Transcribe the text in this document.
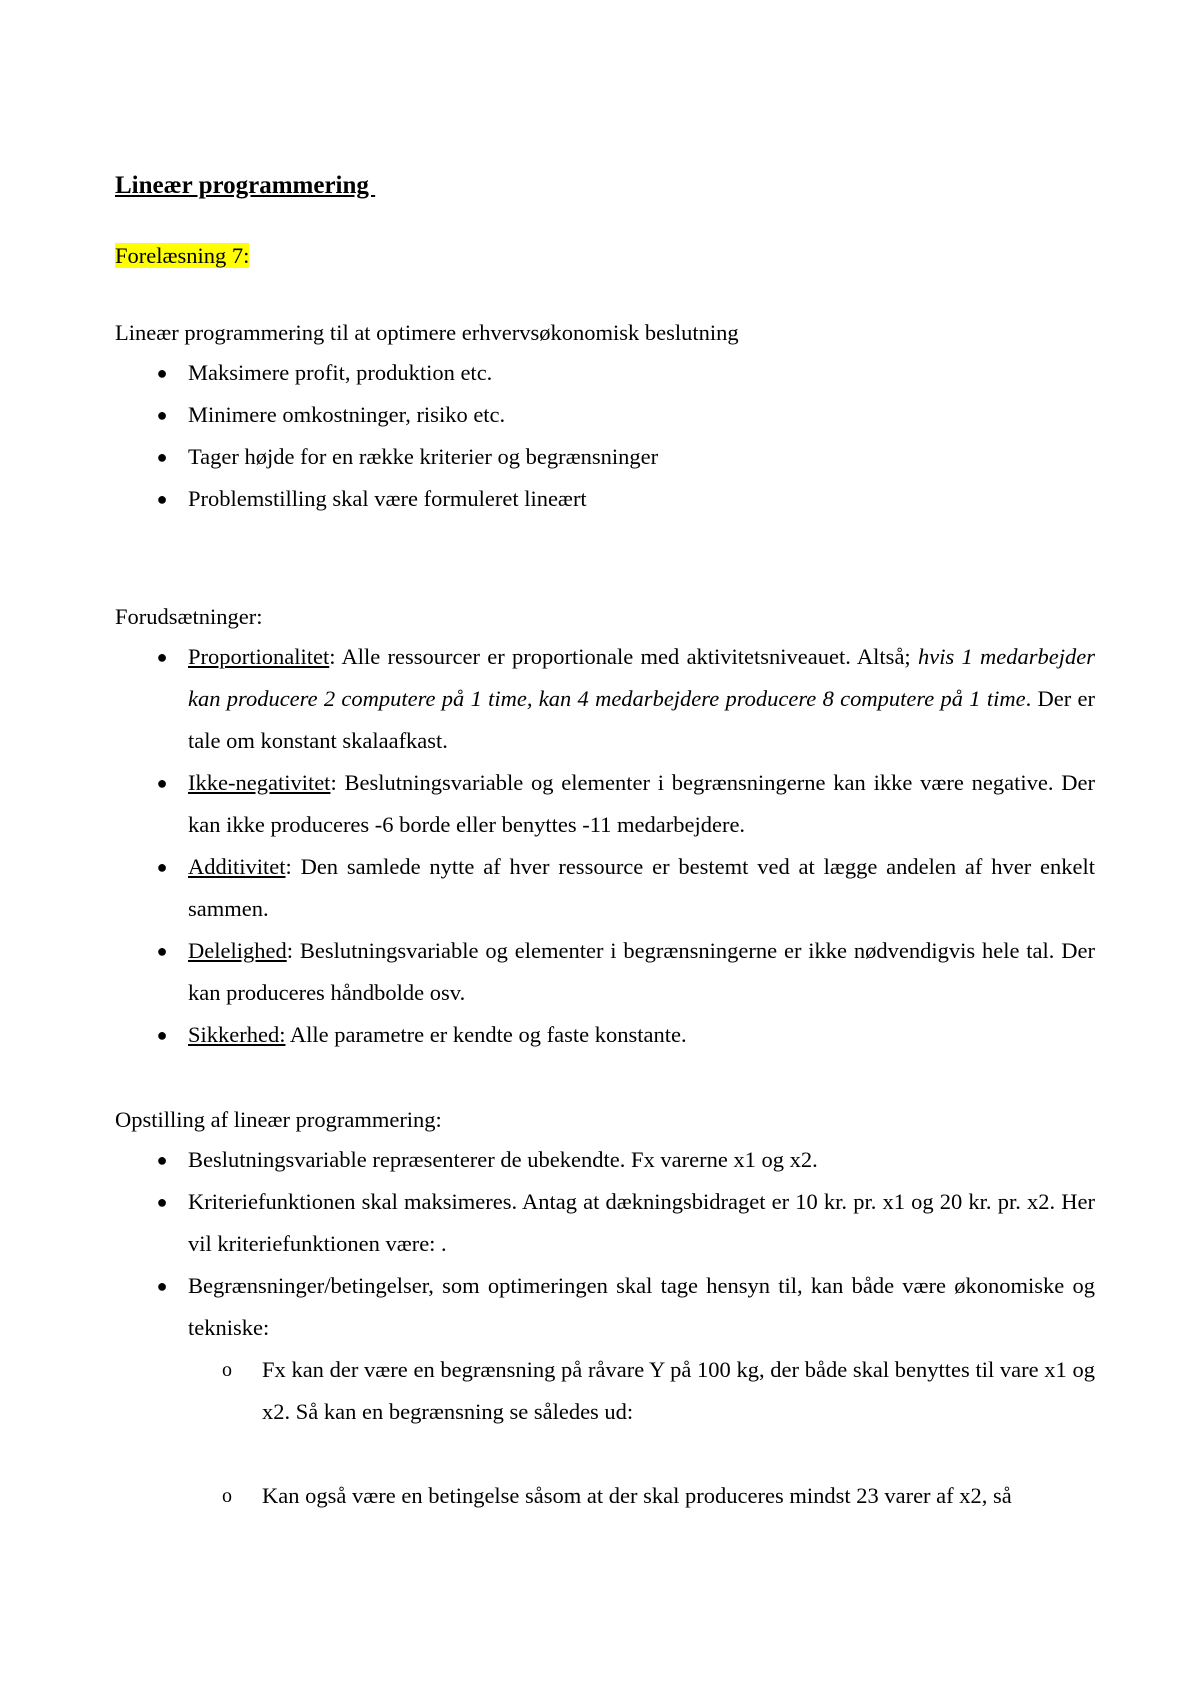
Lineær programmering
Forelæsning 7:
Lineær programmering til at optimere erhvervsøkonomisk beslutning
● Maksimere profit, produktion etc.
● Minimere omkostninger, risiko etc.
● Tager højde for en række kriterier og begrænsninger
● Problemstilling skal være formuleret lineært
Forudsætninger:
● Proportionalitet: Alle ressourcer er proportionale med aktivitetsniveauet. Altså; hvis 1 medarbejder kan producere 2 computere på 1 time, kan 4 medarbejdere producere 8 computere på 1 time. Der er tale om konstant skalaafkast.
● Ikke-negativitet: Beslutningsvariable og elementer i begrænsningerne kan ikke være negative. Der kan ikke produceres -6 borde eller benyttes -11 medarbejdere.
● Additivitet: Den samlede nytte af hver ressource er bestemt ved at lægge andelen af hver enkelt sammen.
● Delelighed: Beslutningsvariable og elementer i begrænsningerne er ikke nødvendigvis hele tal. Der kan produceres håndbolde osv.
● Sikkerhed: Alle parametre er kendte og faste konstante.
Opstilling af lineær programmering:
● Beslutningsvariable repræsenterer de ubekendte. Fx varerne x1 og x2.
● Kriteriefunktionen skal maksimeres. Antag at dækningsbidraget er 10 kr. pr. x1 og 20 kr. pr. x2. Her vil kriteriefunktionen være: .
● Begrænsninger/betingelser, som optimeringen skal tage hensyn til, kan både være økonomiske og tekniske:
o Fx kan der være en begrænsning på råvare Y på 100 kg, der både skal benyttes til vare x1 og x2. Så kan en begrænsning se således ud:
o Kan også være en betingelse såsom at der skal produceres mindst 23 varer af x2, så
